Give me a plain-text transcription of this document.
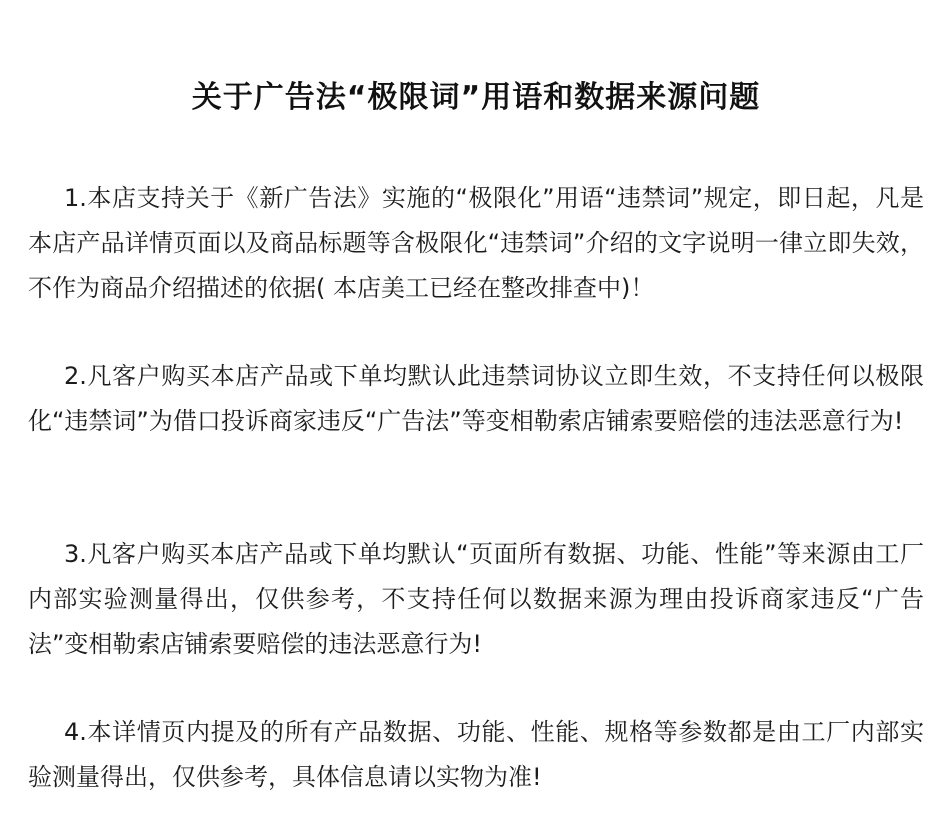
关于广告法“极限词”用语和数据来源问题
1.本店支持关于《新广告法》实施的“极限化”用语“违禁词”规定，即日起，凡是本店产品详情页面以及商品标题等含极限化“违禁词”介绍的文字说明一律立即失效，不作为商品介绍描述的依据( 本店美工已经在整改排查中)！
2.凡客户购买本店产品或下单均默认此违禁词协议立即生效，不支持任何以极限化“违禁词”为借口投诉商家违反“广告法”等变相勒索店铺索要赔偿的违法恶意行为!
3.凡客户购买本店产品或下单均默认“页面所有数据、功能、性能”等来源由工厂内部实验测量得出，仅供参考，不支持任何以数据来源为理由投诉商家违反“广告法”变相勒索店铺索要赔偿的违法恶意行为!
4.本详情页内提及的所有产品数据、功能、性能、规格等参数都是由工厂内部实验测量得出，仅供参考，具体信息请以实物为准!
